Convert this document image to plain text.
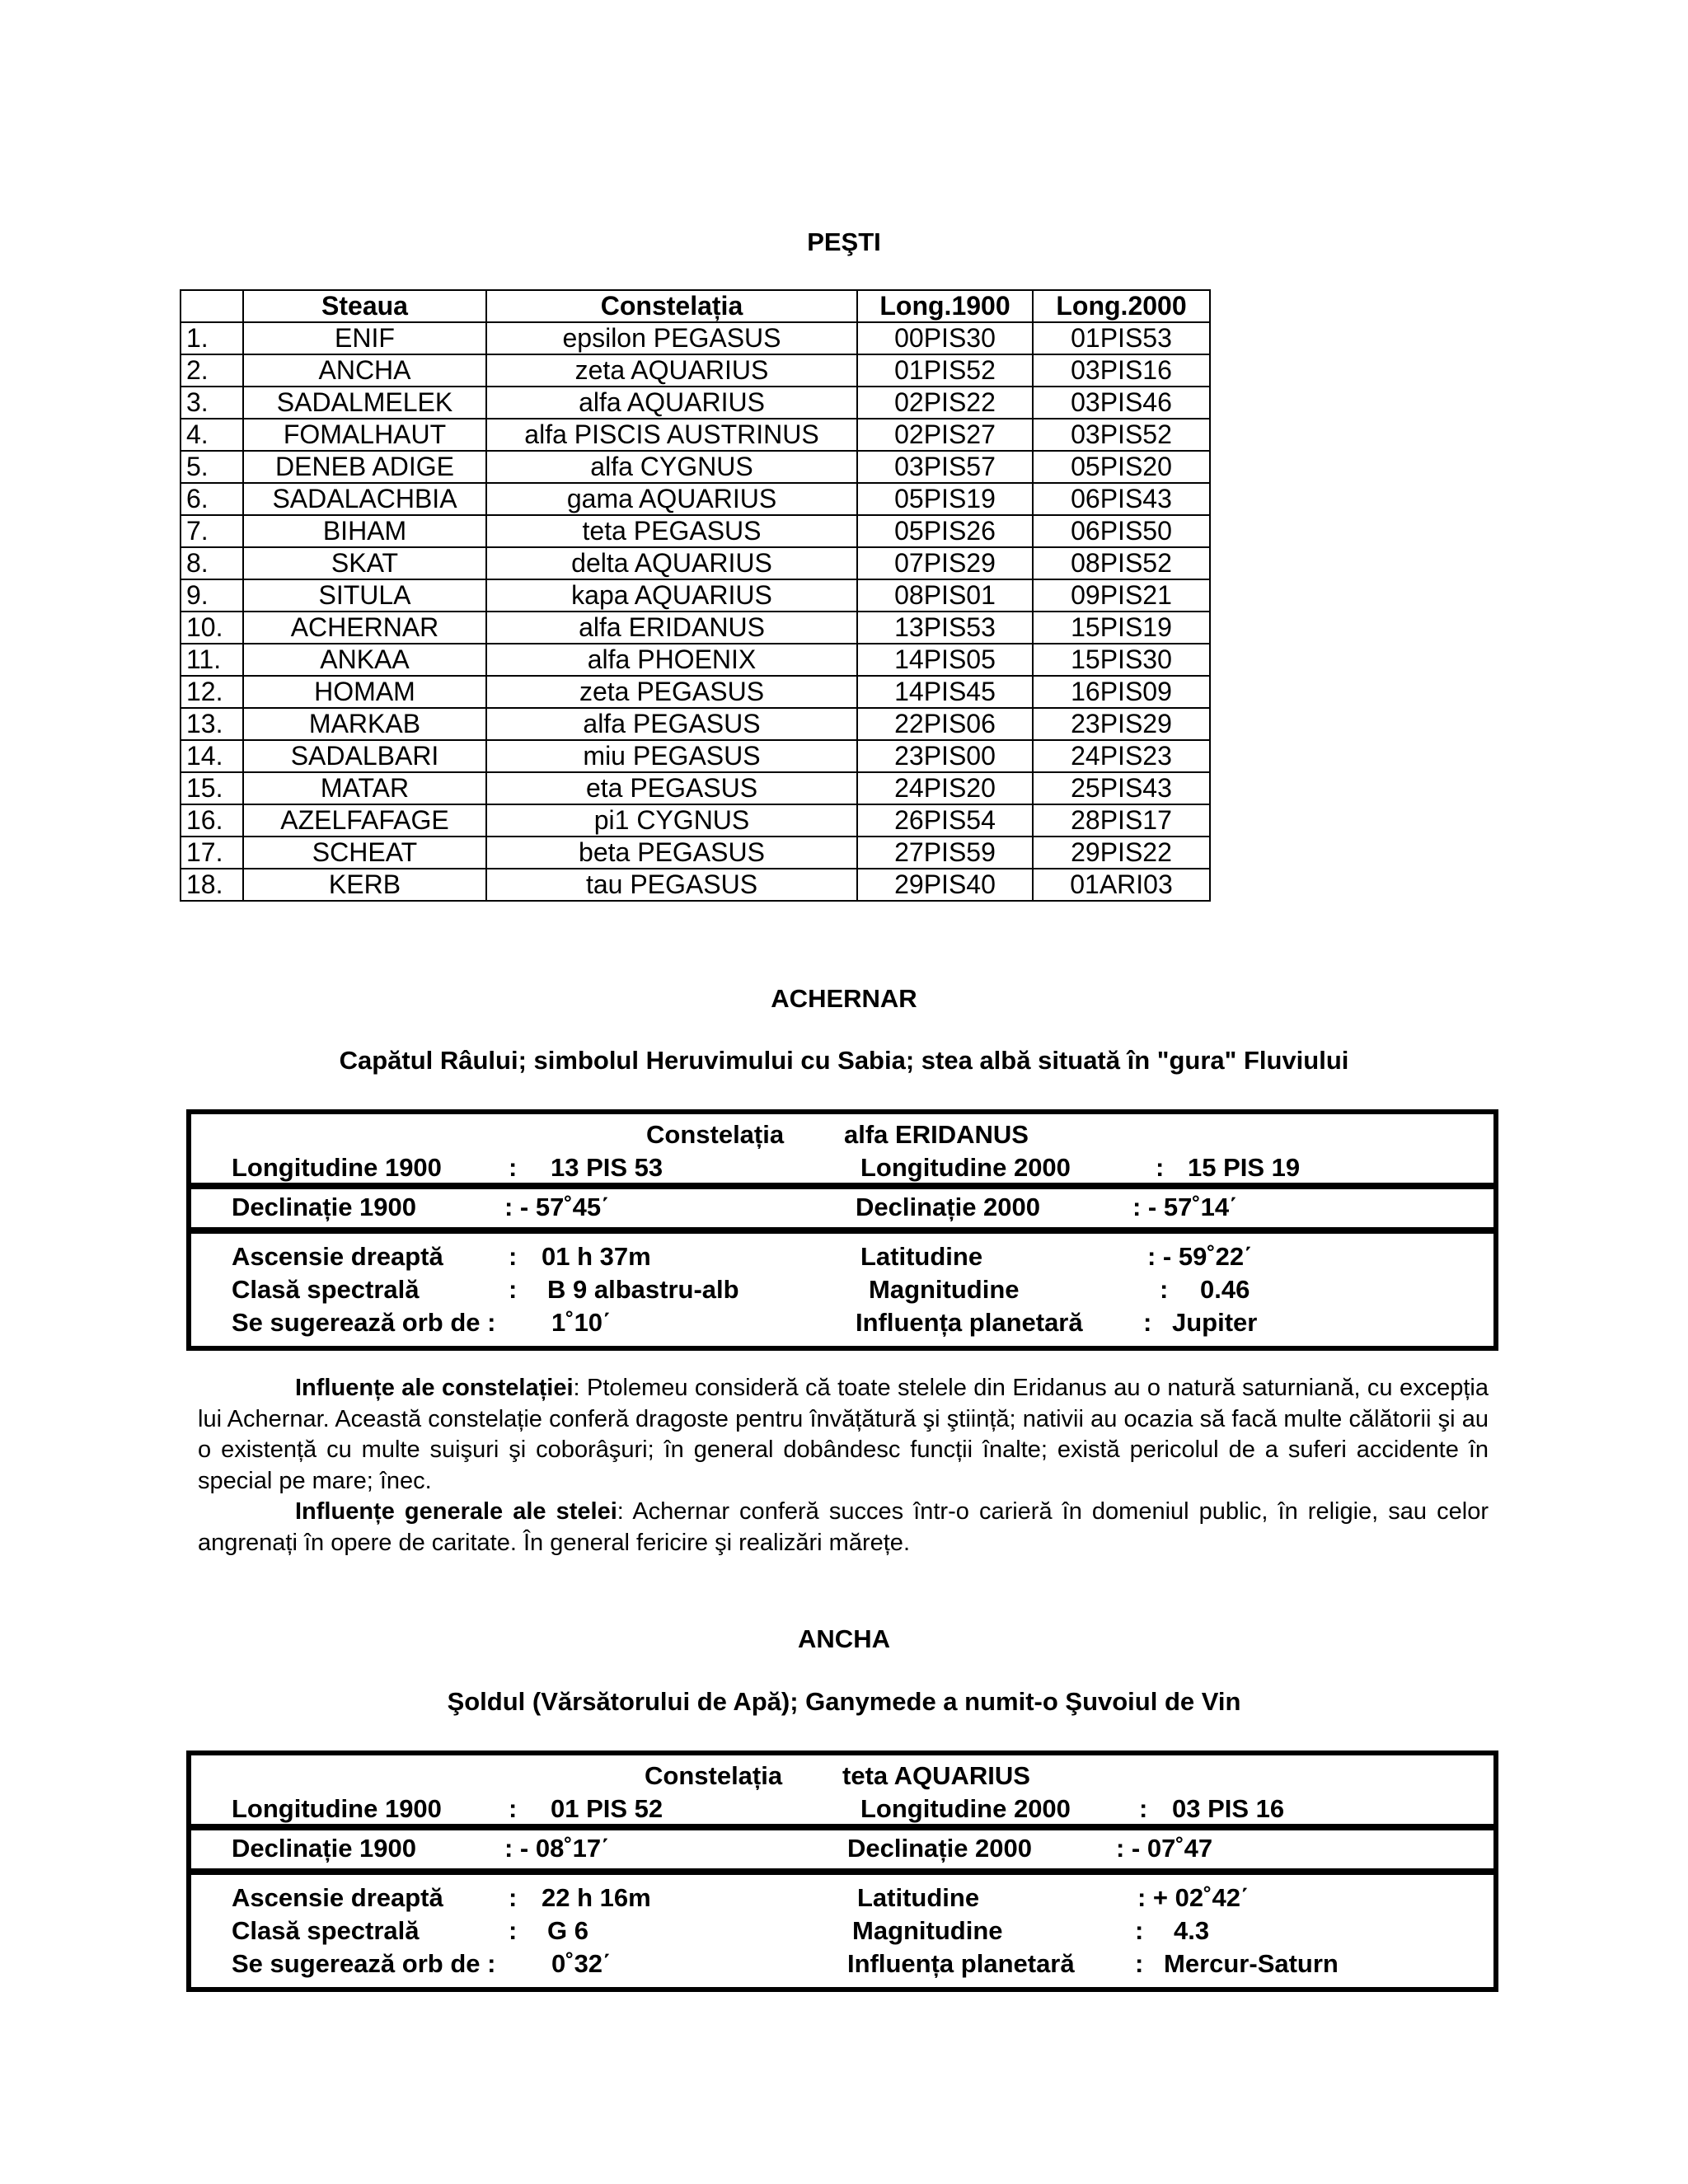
PEŞTI
	Steaua	Constelația	Long.1900	Long.2000
1.	ENIF	epsilon PEGASUS	00PIS30	01PIS53
2.	ANCHA	zeta AQUARIUS	01PIS52	03PIS16
3.	SADALMELEK	alfa AQUARIUS	02PIS22	03PIS46
4.	FOMALHAUT	alfa PISCIS AUSTRINUS	02PIS27	03PIS52
5.	DENEB ADIGE	alfa CYGNUS	03PIS57	05PIS20
6.	SADALACHBIA	gama AQUARIUS	05PIS19	06PIS43
7.	BIHAM	teta PEGASUS	05PIS26	06PIS50
8.	SKAT	delta AQUARIUS	07PIS29	08PIS52
9.	SITULA	kapa AQUARIUS	08PIS01	09PIS21
10.	ACHERNAR	alfa ERIDANUS	13PIS53	15PIS19
11.	ANKAA	alfa PHOENIX	14PIS05	15PIS30
12.	HOMAM	zeta PEGASUS	14PIS45	16PIS09
13.	MARKAB	alfa PEGASUS	22PIS06	23PIS29
14.	SADALBARI	miu PEGASUS	23PIS00	24PIS23
15.	MATAR	eta PEGASUS	24PIS20	25PIS43
16.	AZELFAFAGE	pi1 CYGNUS	26PIS54	28PIS17
17.	SCHEAT	beta PEGASUS	27PIS59	29PIS22
18.	KERB	tau PEGASUS	29PIS40	01ARI03
ACHERNAR
Capătul Râului; simbolul Heruvimului cu Sabia; stea albă situată în "gura" Fluviului
Constelația alfa ERIDANUS
Longitudine 1900	: 13 PIS 53	Longitudine 2000	: 15 PIS 19
Declinație 1900	: - 57˚45΄	Declinație 2000	: - 57˚14΄
Ascensie dreaptă	: 01 h 37m	Latitudine	: - 59˚22΄
Clasă spectrală	: B 9 albastru-alb	Magnitudine	: 0.46
Se sugerează orb de : 1˚10΄	Influența planetară : Jupiter

Influențe ale constelației: Ptolemeu consideră că toate stelele din Eridanus au o natură saturniană, cu excepția lui Achernar. Această constelație conferă dragoste pentru învățătură şi ştiință; nativii au ocazia să facă multe călătorii şi au o existență cu multe suişuri şi coborâşuri; în general dobândesc funcții înalte; există pericolul de a suferi accidente în special pe mare; înec.

Influențe generale ale stelei: Achernar conferă succes într-o carieră în domeniul public, în religie, sau celor angrenați în opere de caritate. În general fericire şi realizări mărețe.

ANCHA
Şoldul (Vărsătorului de Apă); Ganymede a numit-o Şuvoiul de Vin
Constelația teta AQUARIUS
Longitudine 1900	: 01 PIS 52	Longitudine 2000	: 03 PIS 16
Declinație 1900	: - 08˚17΄	Declinație 2000	: - 07˚47
Ascensie dreaptă	: 22 h 16m	Latitudine	: + 02˚42΄
Clasă spectrală	: G 6	Magnitudine	: 4.3
Se sugerează orb de : 0˚32΄	Influența planetară : Mercur-Saturn
